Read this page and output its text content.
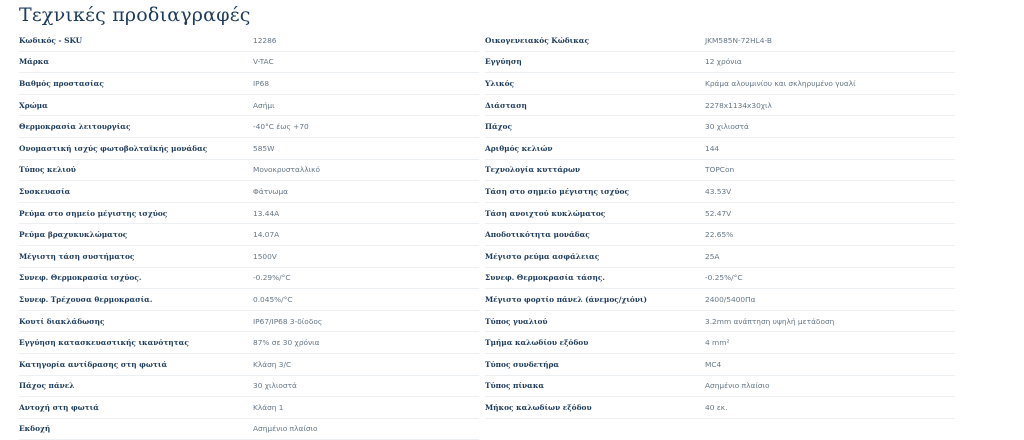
Τεχνικές προδιαγραφές
Κωδικός - SKU	12286
Μάρκα	V-TAC
Βαθμός προστασίας	IP68
Χρώμα	Ασήμι
Θερμοκρασία λειτουργίας	-40°C έως +70
Ονομαστική ισχύς φωτοβολταϊκής μονάδας	585W
Τύπος κελιού	Μονοκρυσταλλικό
Συσκευασία	Φάτνωμα
Ρεύμα στο σημείο μέγιστης ισχύος	13.44A
Ρεύμα βραχυκυκλώματος	14.07A
Μέγιστη τάση συστήματος	1500V
Συνεφ. Θερμοκρασία ισχύος.	-0.29%/°C
Συνεφ. Τρέχουσα θερμοκρασία.	0.045%/°C
Κουτί διακλάδωσης	IP67/IP68 3-δίοδος
Εγγύηση κατασκευαστικής ικανότητας	87% σε 30 χρόνια
Κατηγορία αντίδρασης στη φωτιά	Κλάση 3/C
Πάχος πάνελ	30 χιλιοστά
Αντοχή στη φωτιά	Κλάση 1
Εκδοχή	Ασημένιο πλαίσιο
Οικογενειακός Κώδικας	JKM585N-72HL4-B
Εγγύηση	12 χρόνια
Υλικός	Κράμα αλουμινίου και σκληρυμένο γυαλί
Διάσταση	2278x1134x30χιλ
Πάχος	30 χιλιοστά
Αριθμός κελιών	144
Τεχνολογία κυττάρων	TOPCon
Τάση στο σημείο μέγιστης ισχύος	43.53V
Τάση ανοιχτού κυκλώματος	52.47V
Αποδοτικότητα μονάδας	22.65%
Μέγιστο ρεύμα ασφάλειας	25A
Συνεφ. Θερμοκρασία τάσης.	-0.25%/°C
Μέγιστο φορτίο πάνελ (άνεμος/χιόνι)	2400/5400Πα
Τύπος γυαλιού	3.2mm ανάπτηση υψηλή μετάδοση
Τμήμα καλωδίου εξόδου	4 mm²
Τύπος συνδετήρα	MC4
Τύπος πίνακα	Ασημένιο πλαίσιο
Μήκος καλωδίων εξόδου	40 εκ.
